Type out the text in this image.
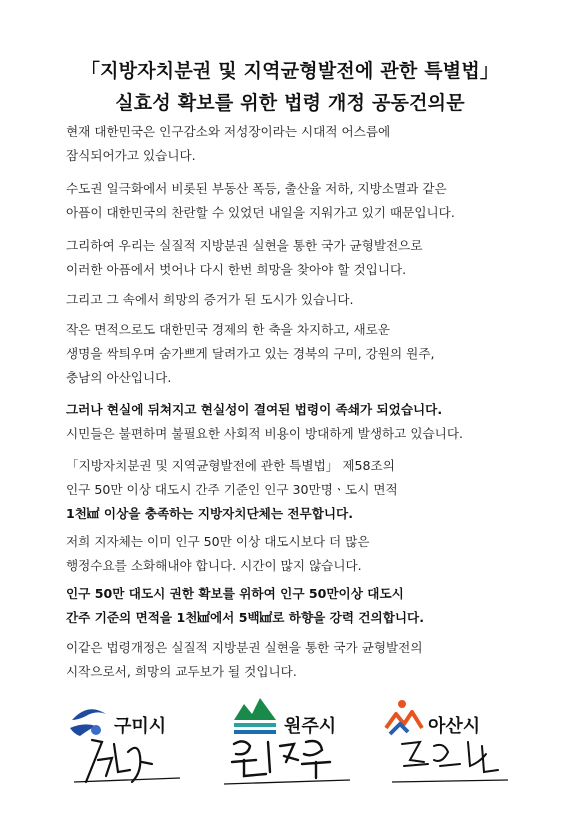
「지방자치분권 및 지역균형발전에 관한 특별법」
실효성 확보를 위한 법령 개정 공동건의문
현재 대한민국은 인구감소와 저성장이라는 시대적 어스름에
잠식되어가고 있습니다.
수도권 일극화에서 비롯된 부동산 폭등, 출산율 저하, 지방소멸과 같은
아픔이 대한민국의 찬란할 수 있었던 내일을 지워가고 있기 때문입니다.
그리하여 우리는 실질적 지방분권 실현을 통한 국가 균형발전으로
이러한 아픔에서 벗어나 다시 한번 희망을 찾아야 할 것입니다.
그리고 그 속에서 희망의 증거가 된 도시가 있습니다.
작은 면적으로도 대한민국 경제의 한 축을 차지하고, 새로운
생명을 싹틔우며 숨가쁘게 달려가고 있는 경북의 구미, 강원의 원주,
충남의 아산입니다.
그러나 현실에 뒤쳐지고 현실성이 결여된 법령이 족쇄가 되었습니다.
시민들은 불편하며 불필요한 사회적 비용이 방대하게 발생하고 있습니다.
「지방자치분권 및 지역균형발전에 관한 특별법」 제58조의
인구 50만 이상 대도시 간주 기준인 인구 30만명ㆍ도시 면적
1천㎢ 이상을 충족하는 지방자치단체는 전무합니다.
저희 지자체는 이미 인구 50만 이상 대도시보다 더 많은
행정수요를 소화해내야 합니다. 시간이 많지 않습니다.
인구 50만 대도시 권한 확보를 위하여 인구 50만이상 대도시
간주 기준의 면적을 1천㎢에서 5백㎢로 하향을 강력 건의합니다.
이같은 법령개정은 실질적 지방분권 실현을 통한 국가 균형발전의
시작으로서, 희망의 교두보가 될 것입니다.
구미시	원주시	아산시
